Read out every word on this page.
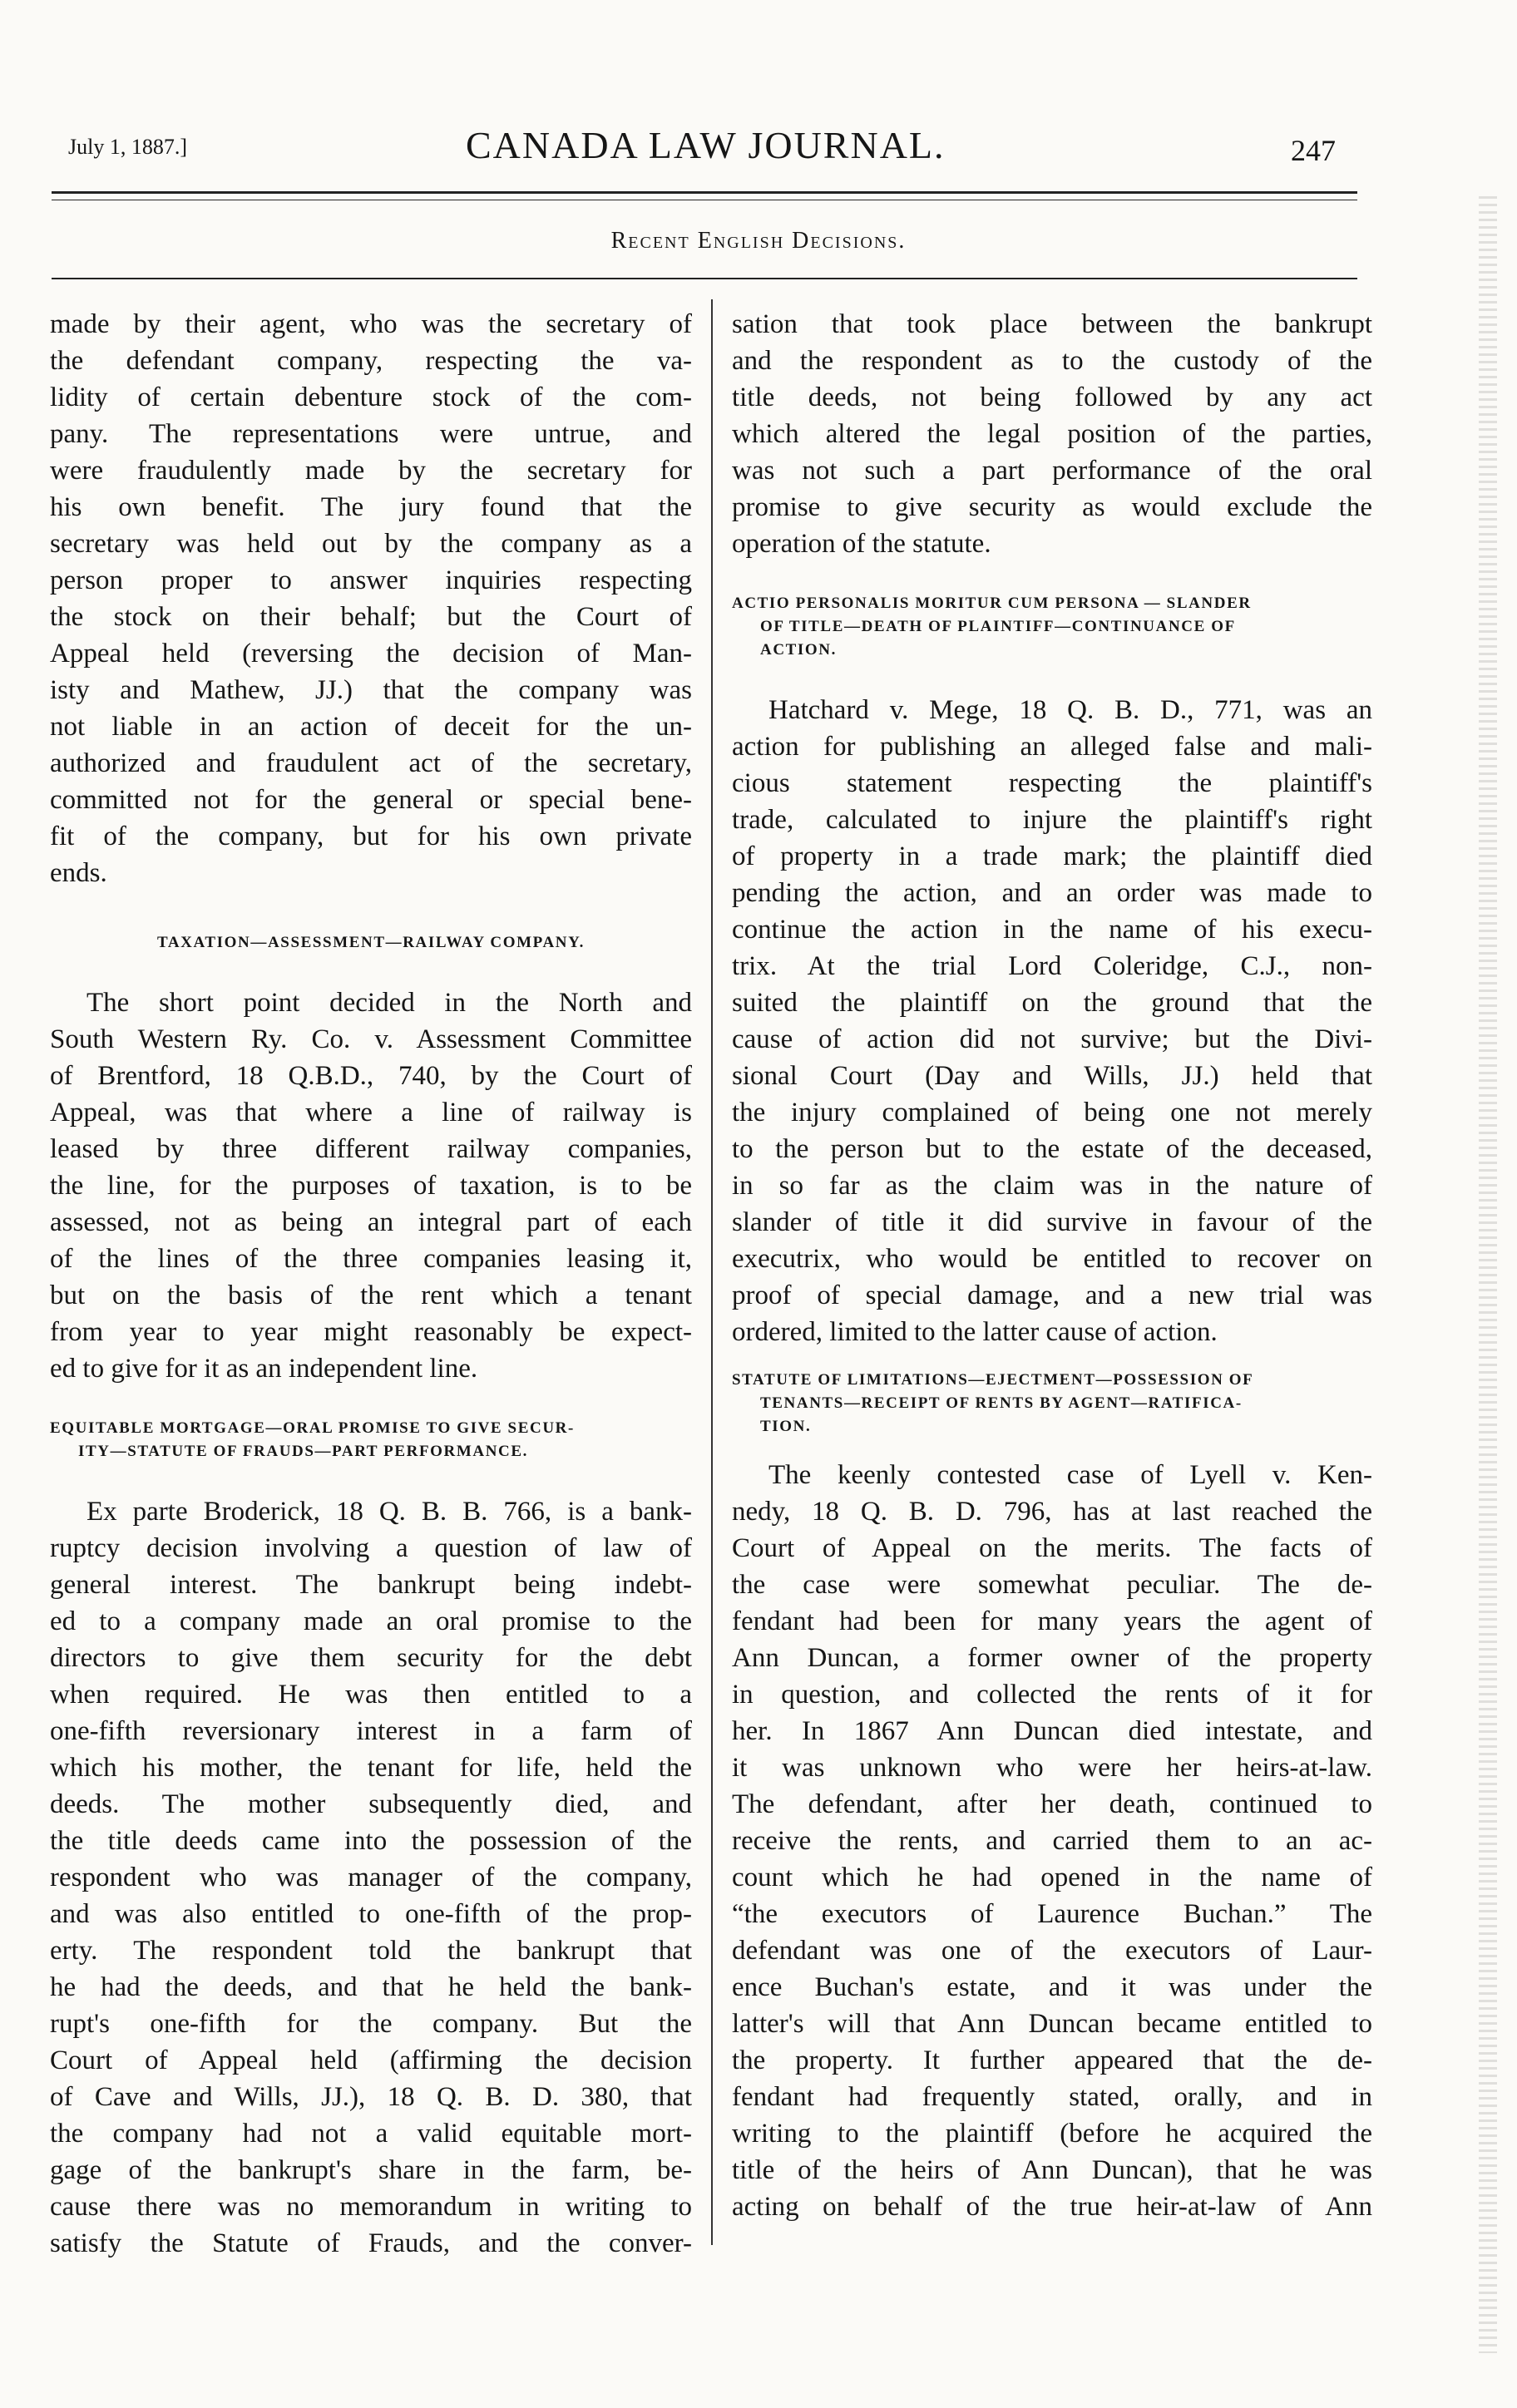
July 1, 1887.]	CANADA LAW JOURNAL.	247
Recent English Decisions.
made by their agent, who was the secretary of
the defendant company, respecting the va-
lidity of certain debenture stock of the com-
pany. The representations were untrue, and
were fraudulently made by the secretary for
his own benefit. The jury found that the
secretary was held out by the company as a
person proper to answer inquiries respecting
the stock on their behalf; but the Court of
Appeal held (reversing the decision of Man-
isty and Mathew, JJ.) that the company was
not liable in an action of deceit for the un-
authorized and fraudulent act of the secretary,
committed not for the general or special bene-
fit of the company, but for his own private
ends.
TAXATION—ASSESSMENT—RAILWAY COMPANY.
The short point decided in the North and
South Western Ry. Co. v. Assessment Committee
of Brentford, 18 Q.B.D., 740, by the Court of
Appeal, was that where a line of railway is
leased by three different railway companies,
the line, for the purposes of taxation, is to be
assessed, not as being an integral part of each
of the lines of the three companies leasing it,
but on the basis of the rent which a tenant
from year to year might reasonably be expect-
ed to give for it as an independent line.
EQUITABLE MORTGAGE—ORAL PROMISE TO GIVE SECUR-
ITY—STATUTE OF FRAUDS—PART PERFORMANCE.
Ex parte Broderick, 18 Q. B. B. 766, is a bank-
ruptcy decision involving a question of law of
general interest. The bankrupt being indebt-
ed to a company made an oral promise to the
directors to give them security for the debt
when required. He was then entitled to a
one-fifth reversionary interest in a farm of
which his mother, the tenant for life, held the
deeds. The mother subsequently died, and
the title deeds came into the possession of the
respondent who was manager of the company,
and was also entitled to one-fifth of the prop-
erty. The respondent told the bankrupt that
he had the deeds, and that he held the bank-
rupt's one-fifth for the company. But the
Court of Appeal held (affirming the decision
of Cave and Wills, JJ.), 18 Q. B. D. 380, that
the company had not a valid equitable mort-
gage of the bankrupt's share in the farm, be-
cause there was no memorandum in writing to
satisfy the Statute of Frauds, and the conver-
sation that took place between the bankrupt
and the respondent as to the custody of the
title deeds, not being followed by any act
which altered the legal position of the parties,
was not such a part performance of the oral
promise to give security as would exclude the
operation of the statute.
ACTIO PERSONALIS MORITUR CUM PERSONA — SLANDER
OF TITLE—DEATH OF PLAINTIFF—CONTINUANCE OF
ACTION.
Hatchard v. Mege, 18 Q. B. D., 771, was an
action for publishing an alleged false and mali-
cious statement respecting the plaintiff's
trade, calculated to injure the plaintiff's right
of property in a trade mark; the plaintiff died
pending the action, and an order was made to
continue the action in the name of his execu-
trix. At the trial Lord Coleridge, C.J., non-
suited the plaintiff on the ground that the
cause of action did not survive; but the Divi-
sional Court (Day and Wills, JJ.) held that
the injury complained of being one not merely
to the person but to the estate of the deceased,
in so far as the claim was in the nature of
slander of title it did survive in favour of the
executrix, who would be entitled to recover on
proof of special damage, and a new trial was
ordered, limited to the latter cause of action.
STATUTE OF LIMITATIONS—EJECTMENT—POSSESSION OF
TENANTS—RECEIPT OF RENTS BY AGENT—RATIFICA-
TION.
The keenly contested case of Lyell v. Ken-
nedy, 18 Q. B. D. 796, has at last reached the
Court of Appeal on the merits. The facts of
the case were somewhat peculiar. The de-
fendant had been for many years the agent of
Ann Duncan, a former owner of the property
in question, and collected the rents of it for
her. In 1867 Ann Duncan died intestate, and
it was unknown who were her heirs-at-law.
The defendant, after her death, continued to
receive the rents, and carried them to an ac-
count which he had opened in the name of
“the executors of Laurence Buchan.” The
defendant was one of the executors of Laur-
ence Buchan's estate, and it was under the
latter's will that Ann Duncan became entitled to
the property. It further appeared that the de-
fendant had frequently stated, orally, and in
writing to the plaintiff (before he acquired the
title of the heirs of Ann Duncan), that he was
acting on behalf of the true heir-at-law of Ann
